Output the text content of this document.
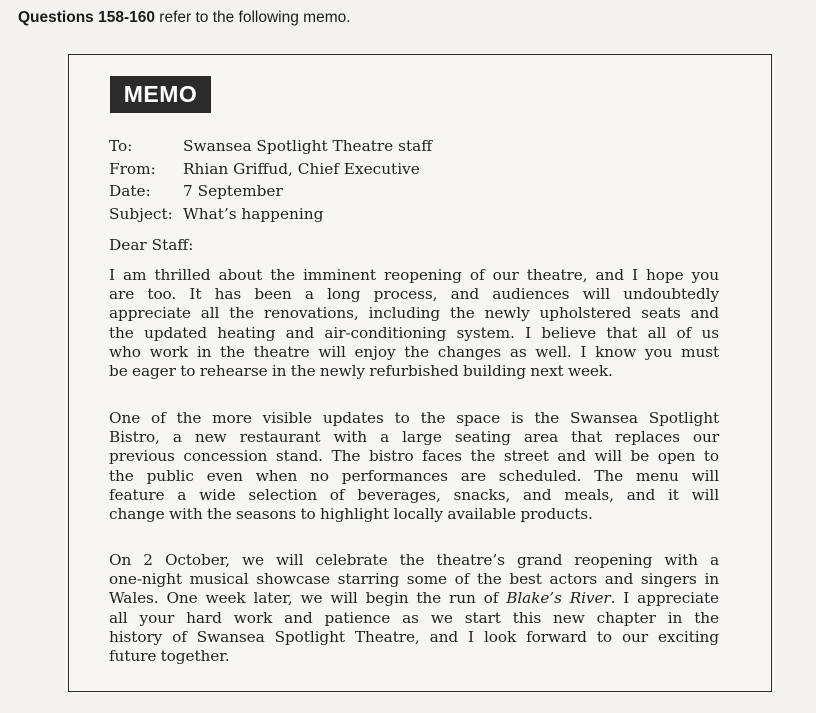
Questions 158-160 refer to the following memo.
MEMO
To:	Swansea Spotlight Theatre staff
From: Rhian Griffud, Chief Executive
Date: 7 September
Subject: What’s happening
Dear Staff:
I am thrilled about the imminent reopening of our theatre, and I hope you
are too. It has been a long process, and audiences will undoubtedly
appreciate all the renovations, including the newly upholstered seats and
the updated heating and air-conditioning system. I believe that all of us
who work in the theatre will enjoy the changes as well. I know you must
be eager to rehearse in the newly refurbished building next week.
One of the more visible updates to the space is the Swansea Spotlight
Bistro, a new restaurant with a large seating area that replaces our
previous concession stand. The bistro faces the street and will be open to
the public even when no performances are scheduled. The menu will
feature a wide selection of beverages, snacks, and meals, and it will
change with the seasons to highlight locally available products.
On 2 October, we will celebrate the theatre’s grand reopening with a
one-night musical showcase starring some of the best actors and singers in
Wales. One week later, we will begin the run of Blake’s River. I appreciate
all your hard work and patience as we start this new chapter in the
history of Swansea Spotlight Theatre, and I look forward to our exciting
future together.
